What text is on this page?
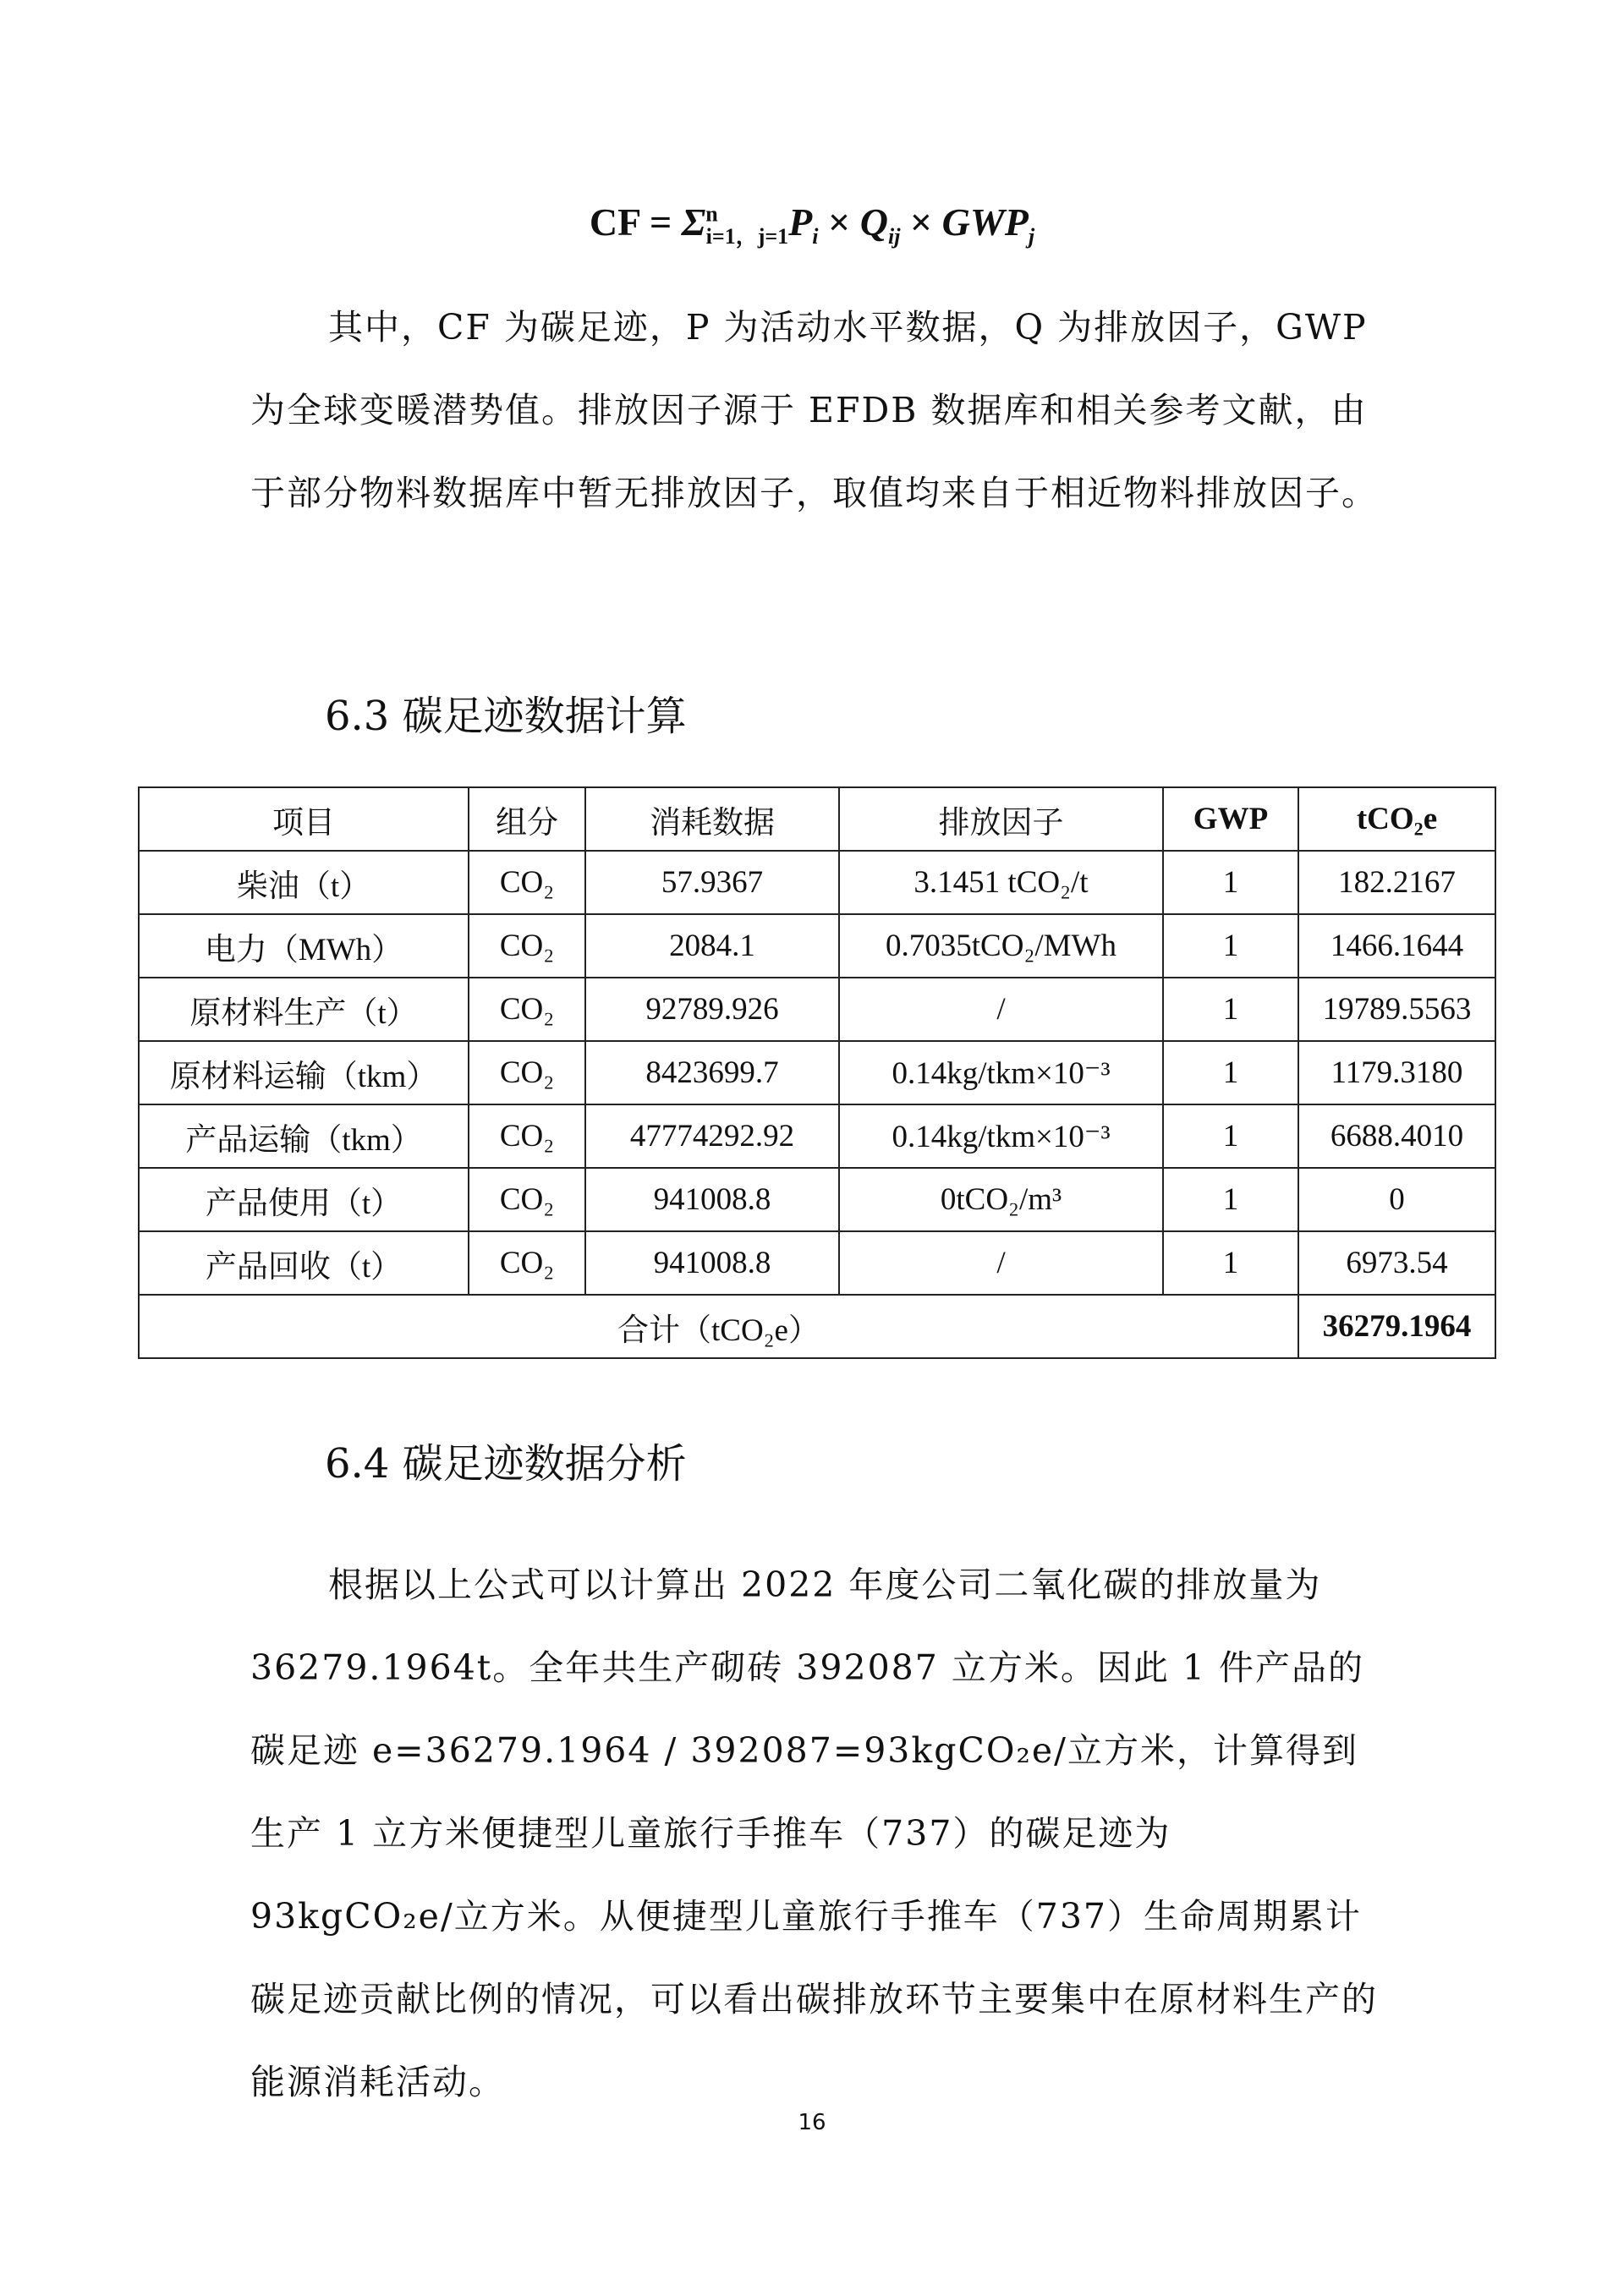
CF = $\Sigma^n_{i=1,j=1}P_i \times Q_{ij} \times GWP_j$
其中，CF 为碳足迹，P 为活动水平数据，Q 为排放因子，GWP 为全球变暖潜势值。排放因子源于 EFDB 数据库和相关参考文献，由于部分物料数据库中暂无排放因子，取值均来自于相近物料排放因子。
6.3 碳足迹数据计算
项目	组分	消耗数据	排放因子	GWP	tCO₂e
柴油（t）	CO₂	57.9367	3.1451 tCO₂/t	1	182.2167
电力（MWh）	CO₂	2084.1	0.7035tCO₂/MWh	1	1466.1644
原材料生产（t）	CO₂	92789.926	/	1	19789.5563
原材料运输（tkm）	CO₂	8423699.7	0.14kg/tkm×10⁻³	1	1179.3180
产品运输（tkm）	CO₂	47774292.92	0.14kg/tkm×10⁻³	1	6688.4010
产品使用（t）	CO₂	941008.8	0tCO₂/m³	1	0
产品回收（t）	CO₂	941008.8	/	1	6973.54
合计（tCO₂e）					36279.1964
6.4 碳足迹数据分析
根据以上公式可以计算出 2022 年度公司二氧化碳的排放量为 36279.1964t。全年共生产砌砖 392087 立方米。因此 1 件产品的碳足迹 e=36279.1964 / 392087=93kgCO₂e/立方米，计算得到生产 1 立方米便捷型儿童旅行手推车（737）的碳足迹为 93kgCO₂e/立方米。从便捷型儿童旅行手推车（737）生命周期累计碳足迹贡献比例的情况，可以看出碳排放环节主要集中在原材料生产的能源消耗活动。
16
